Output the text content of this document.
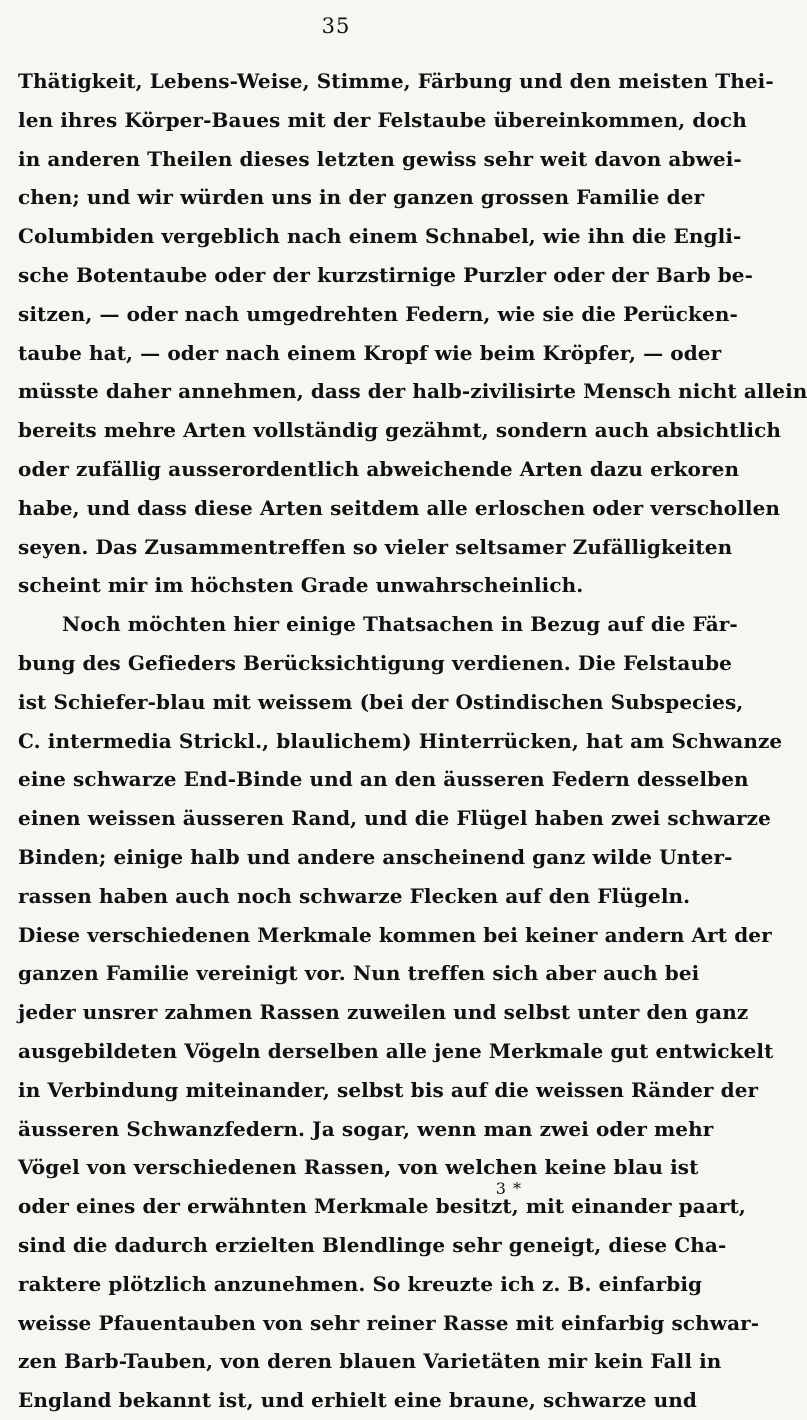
35
Thätigkeit, Lebens-Weise, Stimme, Färbung und den meisten Thei-
len ihres Körper-Baues mit der Felstaube übereinkommen, doch
in anderen Theilen dieses letzten gewiss sehr weit davon abwei-
chen; und wir würden uns in der ganzen grossen Familie der
Columbiden vergeblich nach einem Schnabel, wie ihn die Engli-
sche Botentaube oder der kurzstirnige Purzler oder der Barb be-
sitzen, — oder nach umgedrehten Federn, wie sie die Perücken-
taube hat, — oder nach einem Kropf wie beim Kröpfer, — oder
müsste daher annehmen, dass der halb-zivilisirte Mensch nicht allein
bereits mehre Arten vollständig gezähmt, sondern auch absichtlich
oder zufällig ausserordentlich abweichende Arten dazu erkoren
habe, und dass diese Arten seitdem alle erloschen oder verschollen
seyen. Das Zusammentreffen so vieler seltsamer Zufälligkeiten
scheint mir im höchsten Grade unwahrscheinlich.
Noch möchten hier einige Thatsachen in Bezug auf die Fär-
bung des Gefieders Berücksichtigung verdienen. Die Felstaube
ist Schiefer-blau mit weissem (bei der Ostindischen Subspecies,
C. intermedia Strickl., blaulichem) Hinterrücken, hat am Schwanze
eine schwarze End-Binde und an den äusseren Federn desselben
einen weissen äusseren Rand, und die Flügel haben zwei schwarze
Binden; einige halb und andere anscheinend ganz wilde Unter-
rassen haben auch noch schwarze Flecken auf den Flügeln.
Diese verschiedenen Merkmale kommen bei keiner andern Art der
ganzen Familie vereinigt vor. Nun treffen sich aber auch bei
jeder unsrer zahmen Rassen zuweilen und selbst unter den ganz
ausgebildeten Vögeln derselben alle jene Merkmale gut entwickelt
in Verbindung miteinander, selbst bis auf die weissen Ränder der
äusseren Schwanzfedern. Ja sogar, wenn man zwei oder mehr
Vögel von verschiedenen Rassen, von welchen keine blau ist
oder eines der erwähnten Merkmale besitzt, mit einander paart,
sind die dadurch erzielten Blendlinge sehr geneigt, diese Cha-
raktere plötzlich anzunehmen. So kreuzte ich z. B. einfarbig
weisse Pfauentauben von sehr reiner Rasse mit einfarbig schwar-
zen Barb-Tauben, von deren blauen Varietäten mir kein Fall in
England bekannt ist, und erhielt eine braune, schwarze und
3 *
